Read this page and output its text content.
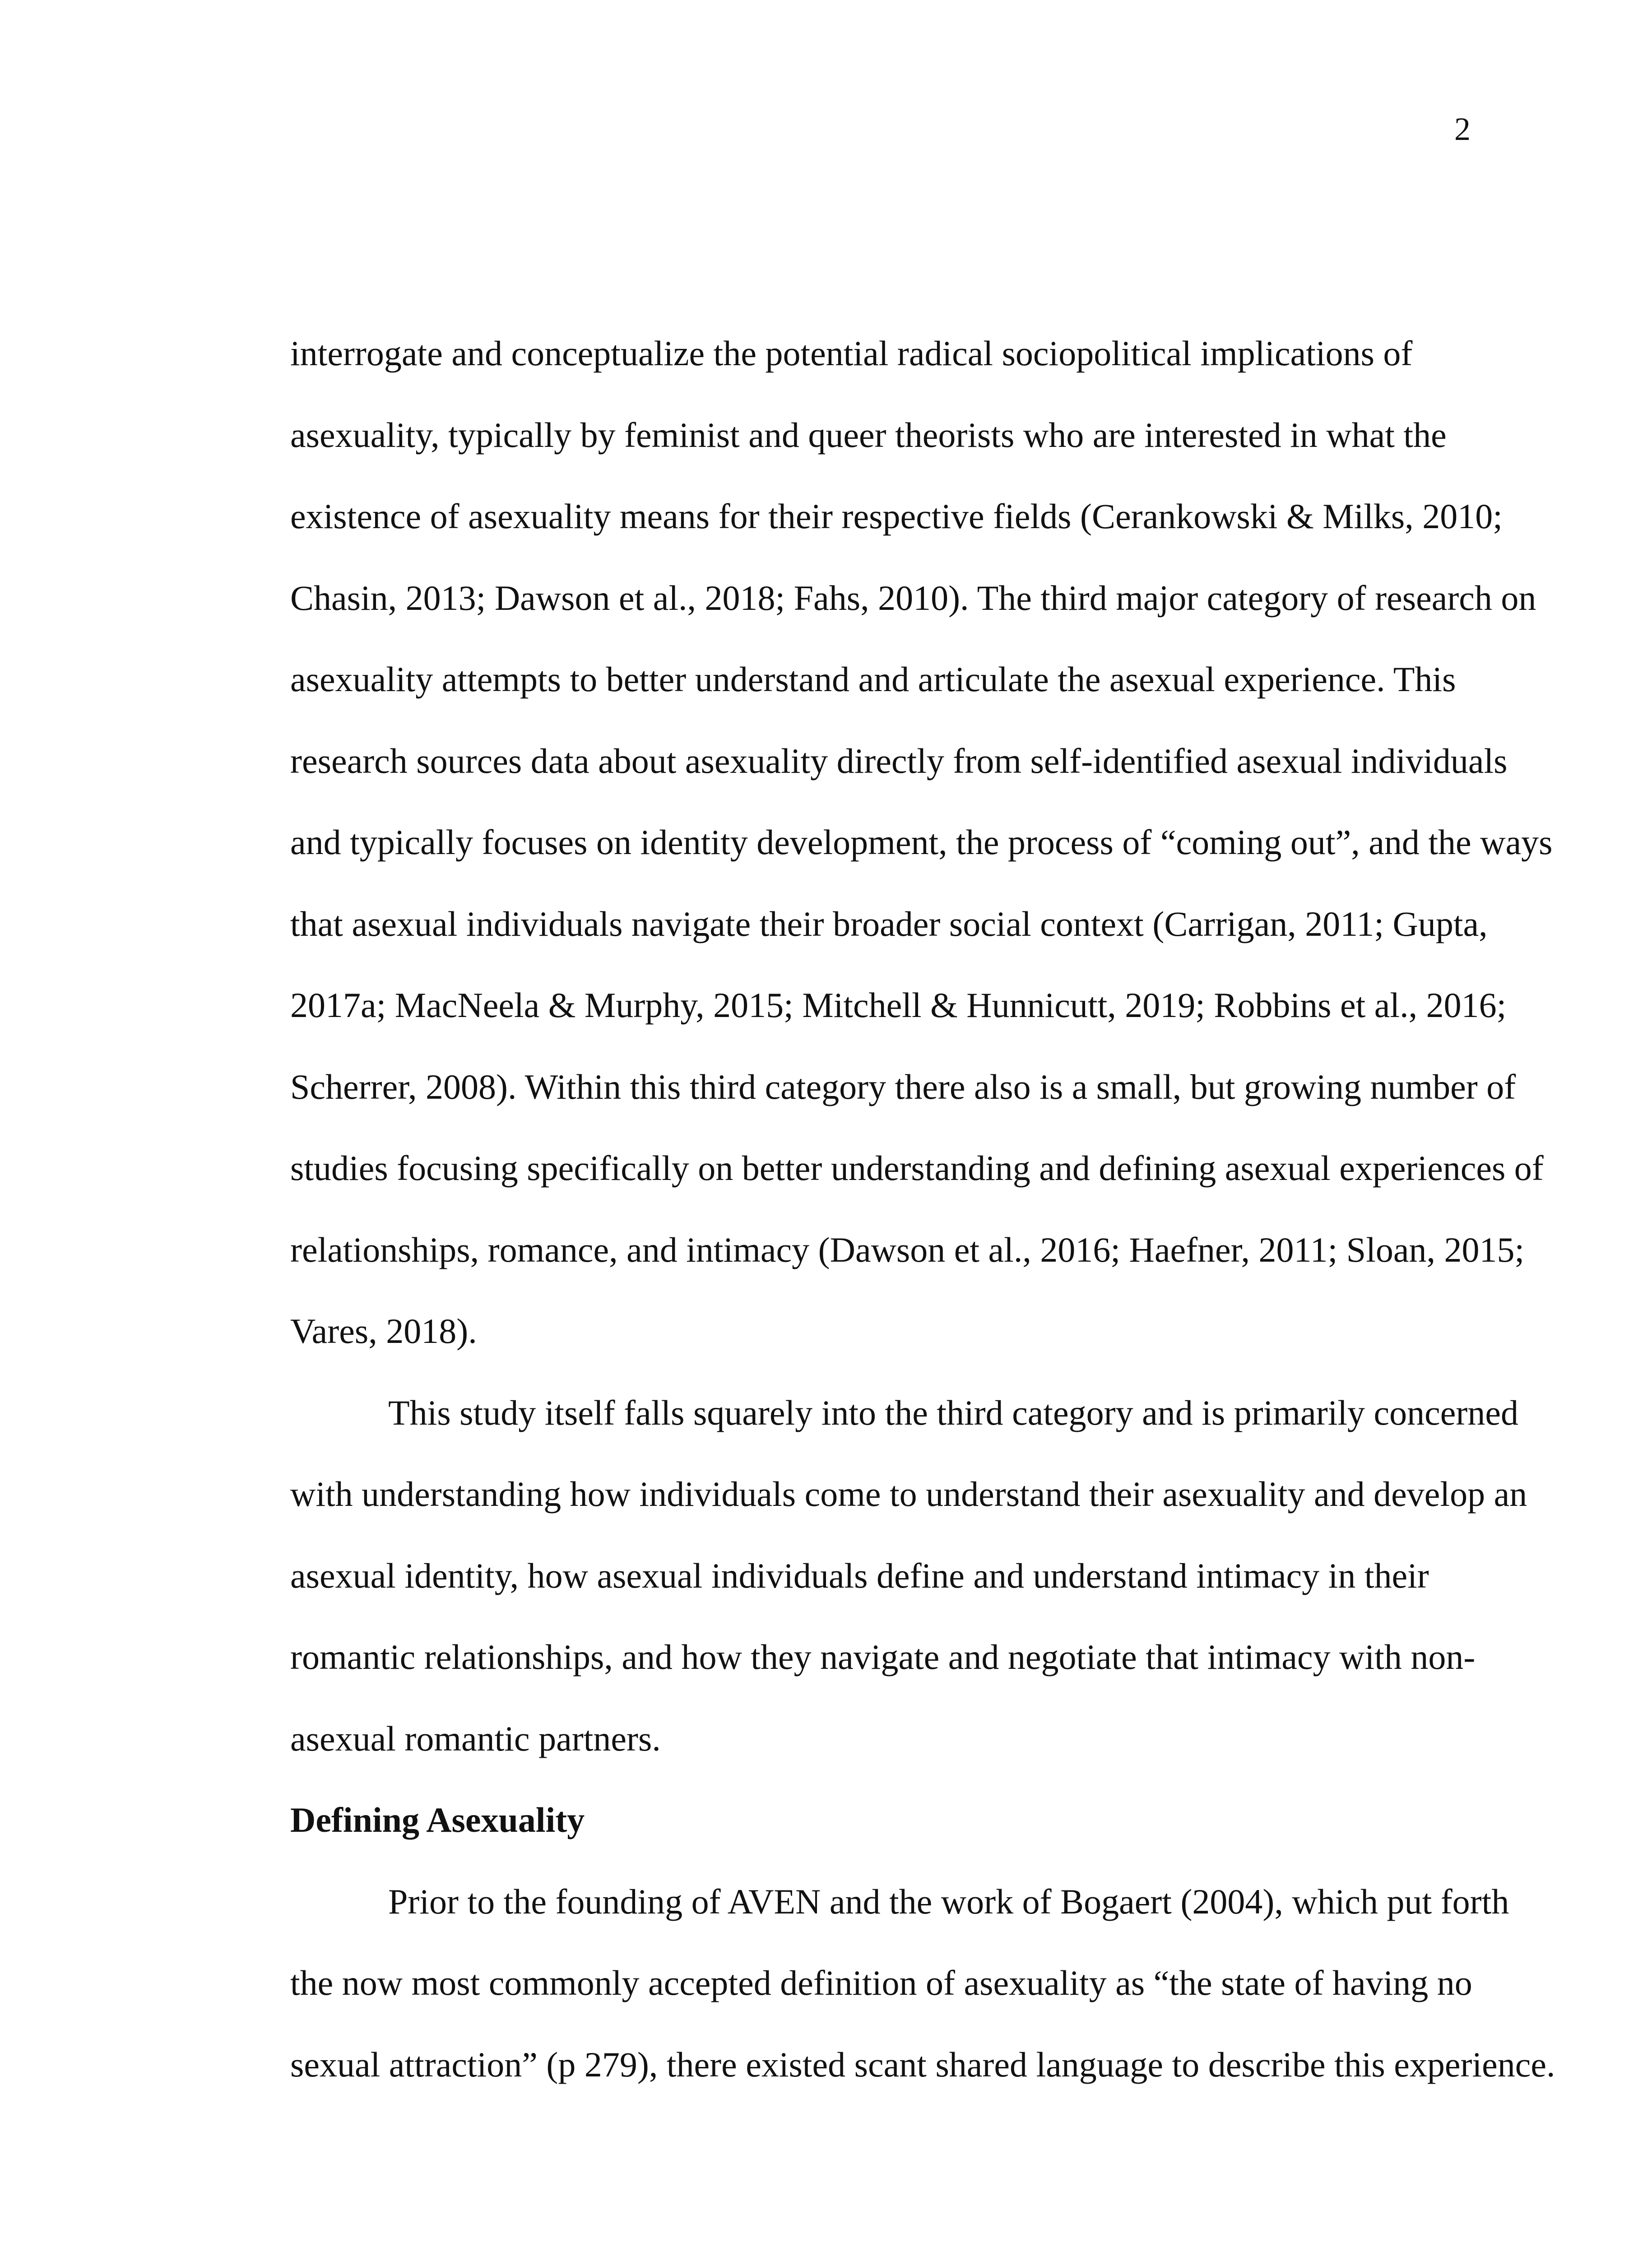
2
interrogate and conceptualize the potential radical sociopolitical implications of
asexuality, typically by feminist and queer theorists who are interested in what the
existence of asexuality means for their respective fields (Cerankowski & Milks, 2010;
Chasin, 2013; Dawson et al., 2018; Fahs, 2010). The third major category of research on
asexuality attempts to better understand and articulate the asexual experience. This
research sources data about asexuality directly from self-identified asexual individuals
and typically focuses on identity development, the process of “coming out”, and the ways
that asexual individuals navigate their broader social context (Carrigan, 2011; Gupta,
2017a; MacNeela & Murphy, 2015; Mitchell & Hunnicutt, 2019; Robbins et al., 2016;
Scherrer, 2008). Within this third category there also is a small, but growing number of
studies focusing specifically on better understanding and defining asexual experiences of
relationships, romance, and intimacy (Dawson et al., 2016; Haefner, 2011; Sloan, 2015;
Vares, 2018).
This study itself falls squarely into the third category and is primarily concerned
with understanding how individuals come to understand their asexuality and develop an
asexual identity, how asexual individuals define and understand intimacy in their
romantic relationships, and how they navigate and negotiate that intimacy with non-
asexual romantic partners.
Defining Asexuality
Prior to the founding of AVEN and the work of Bogaert (2004), which put forth
the now most commonly accepted definition of asexuality as “the state of having no
sexual attraction” (p 279), there existed scant shared language to describe this experience.
